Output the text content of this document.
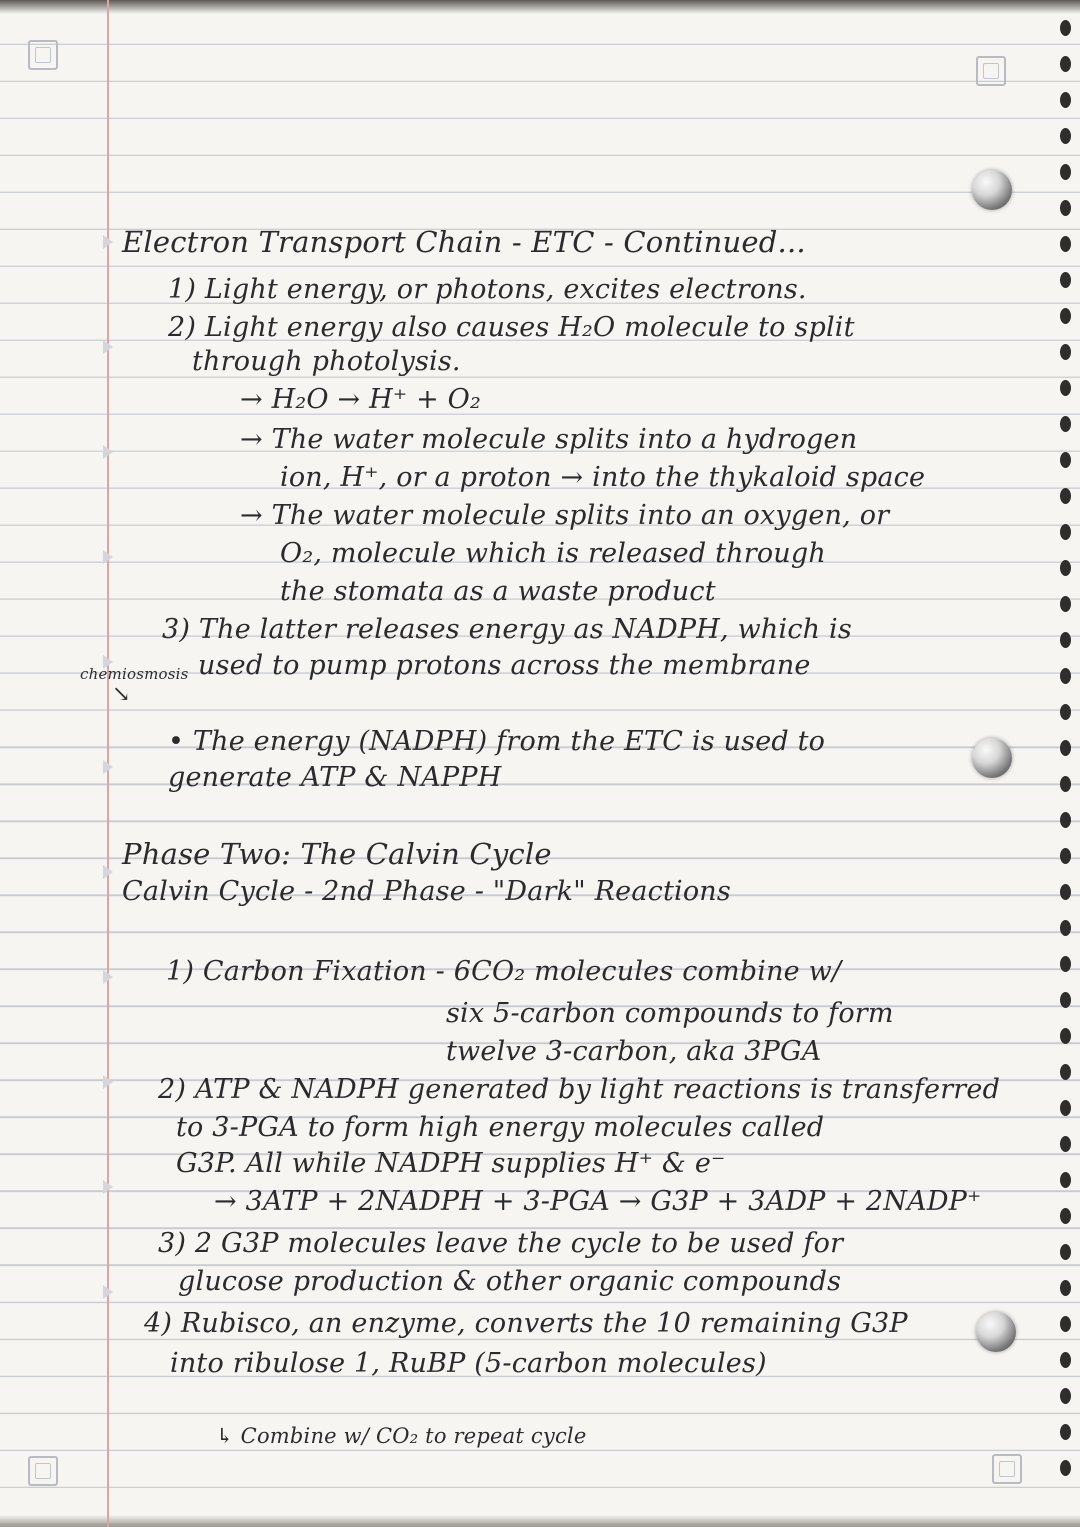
Electron Transport Chain - ETC - Continued...
1) Light energy, or photons, excites electrons.
2) Light energy also causes H₂O molecule to split
through photolysis.
→ H₂O → H⁺ + O₂
→ The water molecule splits into a hydrogen
ion, H⁺, or a proton → into the thykaloid space
→ The water molecule splits into an oxygen, or
O₂, molecule which is released through
the stomata as a waste product
3) The latter releases energy as NADPH, which is
chemiosmosis used to pump protons across the membrane
↘
• The energy (NADPH) from the ETC is used to
generate ATP & NAPPH
Phase Two: The Calvin Cycle
Calvin Cycle - 2nd Phase - "Dark" Reactions
1) Carbon Fixation - 6CO₂ molecules combine w/
six 5-carbon compounds to form
twelve 3-carbon, aka 3PGA
2) ATP & NADPH generated by light reactions is transferred
to 3-PGA to form high energy molecules called
G3P. All while NADPH supplies H⁺ & e⁻
→ 3ATP + 2NADPH + 3-PGA → G3P + 3ADP + 2NADP⁺
3) 2 G3P molecules leave the cycle to be used for
glucose production & other organic compounds
4) Rubisco, an enzyme, converts the 10 remaining G3P
into ribulose 1, RuBP (5-carbon molecules)
↳ Combine w/ CO₂ to repeat cycle
